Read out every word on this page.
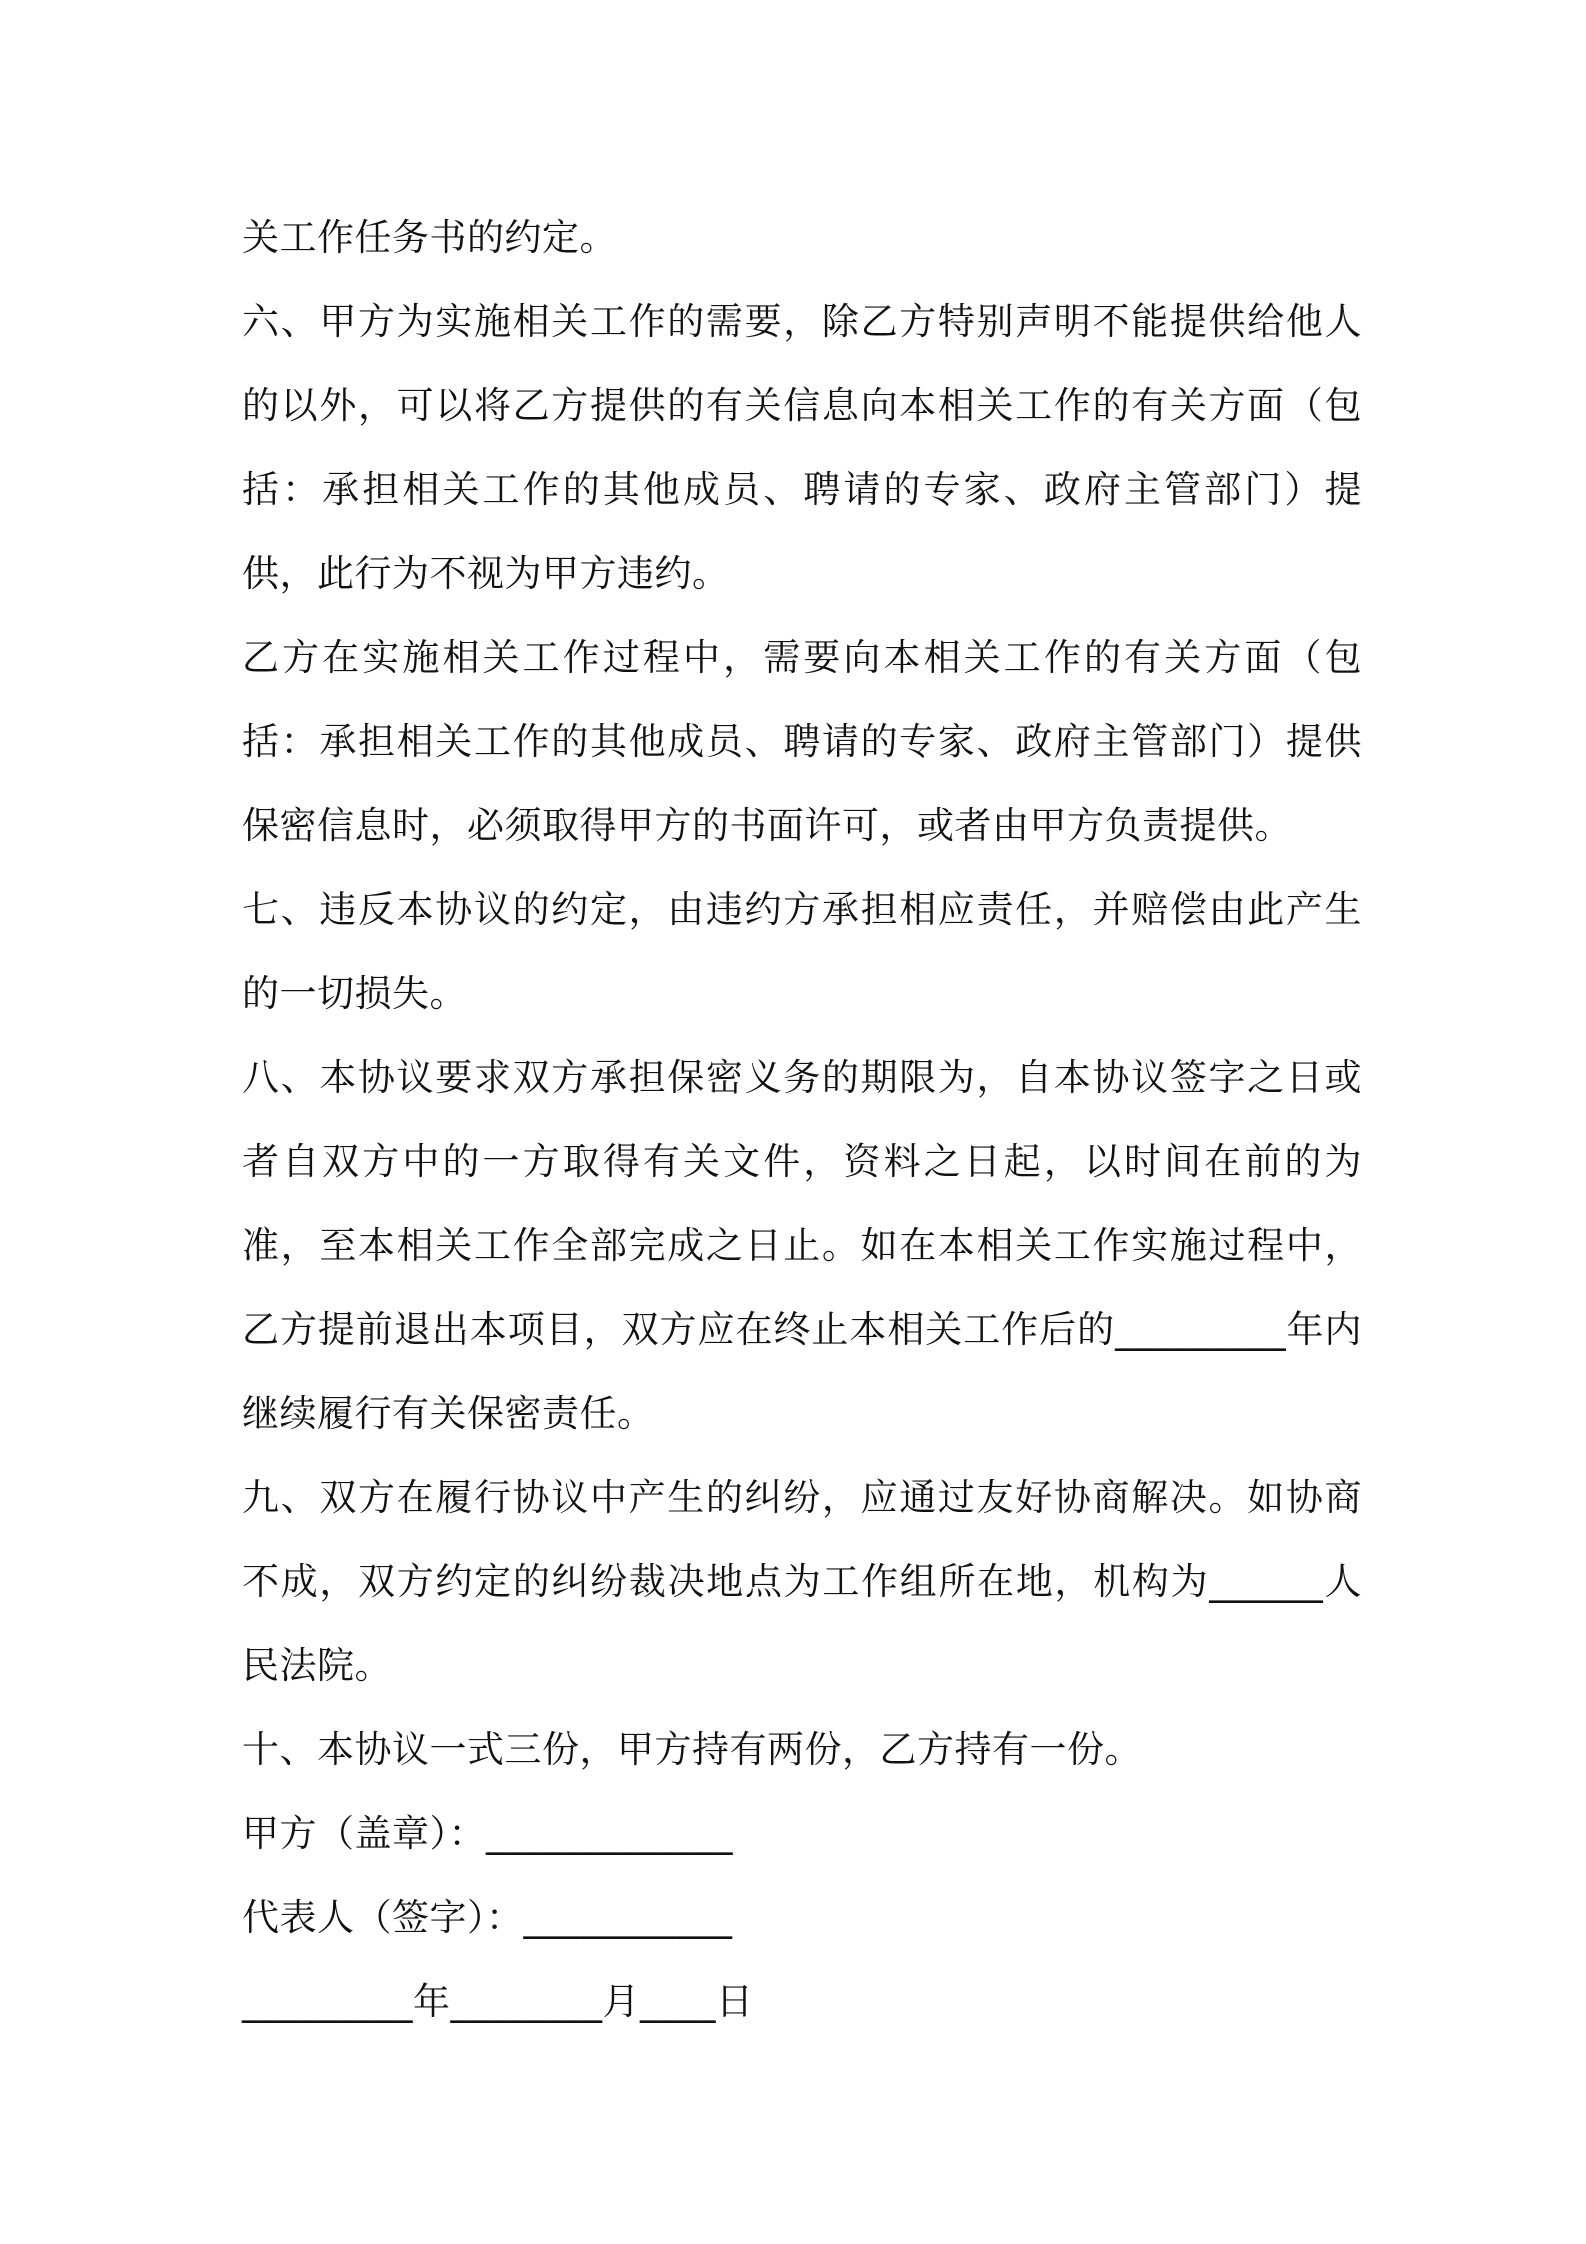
关工作任务书的约定。

六、甲方为实施相关工作的需要，除乙方特别声明不能提供给他人的以外，可以将乙方提供的有关信息向本相关工作的有关方面（包括：承担相关工作的其他成员、聘请的专家、政府主管部门）提供，此行为不视为甲方违约。

乙方在实施相关工作过程中，需要向本相关工作的有关方面（包括：承担相关工作的其他成员、聘请的专家、政府主管部门）提供保密信息时，必须取得甲方的书面许可，或者由甲方负责提供。

七、违反本协议的约定，由违约方承担相应责任，并赔偿由此产生的一切损失。

八、本协议要求双方承担保密义务的期限为，自本协议签字之日或者自双方中的一方取得有关文件，资料之日起，以时间在前的为准，至本相关工作全部完成之日止。如在本相关工作实施过程中，乙方提前退出本项目，双方应在终止本相关工作后的_________年内继续履行有关保密责任。

九、双方在履行协议中产生的纠纷，应通过友好协商解决。如协商不成，双方约定的纠纷裁决地点为工作组所在地，机构为______人民法院。

十、本协议一式三份，甲方持有两份，乙方持有一份。

甲方（盖章）：_____________
代表人（签字）：___________
_________年________月____日
